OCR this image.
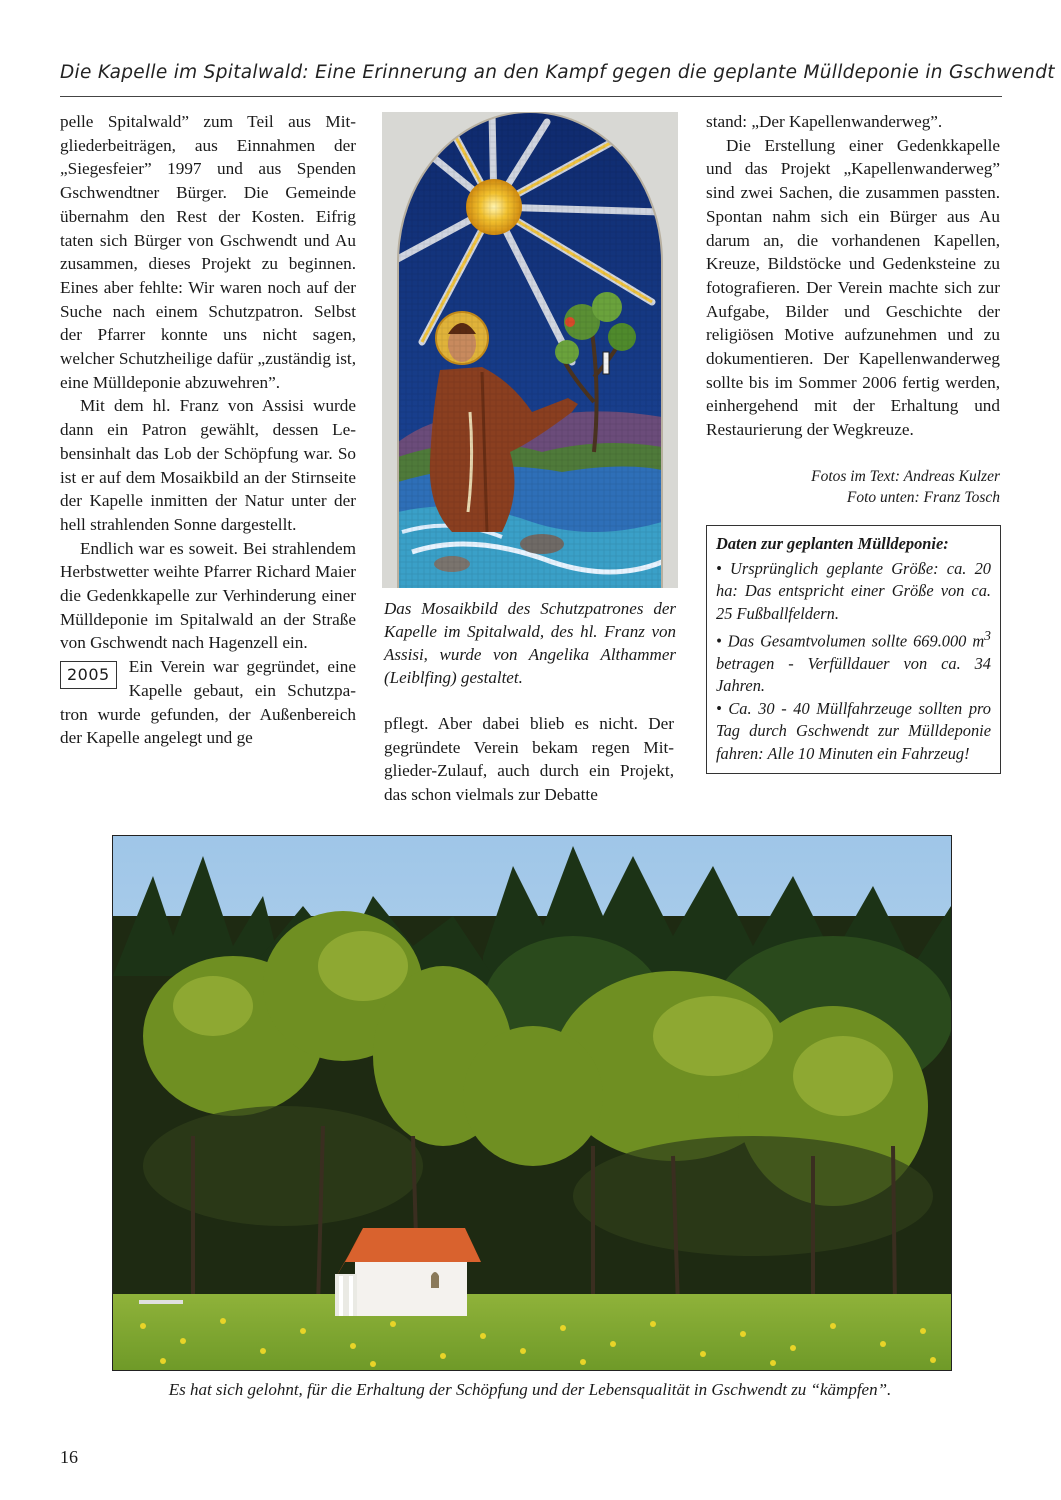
Die Kapelle im Spitalwald: Eine Erinnerung an den Kampf gegen die geplante Mülldeponie in Gschwendt

pelle Spitalwald” zum Teil aus Mitgliederbeiträgen, aus Einnahmen der „Siegesfeier” 1997 und aus Spenden Gschwendtner Bürger. Die Gemeinde übernahm den Rest der Kosten. Eifrig taten sich Bürger von Gschwendt und Au zusammen, dieses Projekt zu beginnen. Eines aber fehlte: Wir waren noch auf der Suche nach einem Schutzpatron. Selbst der Pfarrer konnte uns nicht sagen, welcher Schutzheilige dafür „zuständig ist, eine Mülldeponie abzuwehren”.

Mit dem hl. Franz von Assisi wurde dann ein Patron gewählt, dessen Lebensinhalt das Lob der Schöpfung war. So ist er auf dem Mosaikbild an der Stirnseite der Kapelle inmitten der Natur unter der hell strahlenden Sonne dargestellt.

Endlich war es soweit. Bei strahlendem Herbstwetter weihte Pfarrer Richard Maier die Gedenkkapelle zur Verhinderung einer Mülldeponie im Spitalwald an der Straße von Gschwendt nach Hagenzell ein.

2005	Ein Verein war gegründet, eine Kapelle gebaut, ein Schutzpatron wurde gefunden, der Außenbereich der Kapelle angelegt und ge

Das Mosaikbild des Schutzpatrones der Kapelle im Spitalwald, des hl. Franz von Assisi, wurde von Angelika Althammer (Leiblfing) gestaltet.

pflegt. Aber dabei blieb es nicht. Der gegründete Verein bekam regen Mitglieder-Zulauf, auch durch ein Projekt, das schon vielmals zur Debatte

stand: „Der Kapellenwanderweg”.

Die Erstellung einer Gedenkkapelle und das Projekt „Kapellenwanderweg” sind zwei Sachen, die zusammen passten. Spontan nahm sich ein Bürger aus Au darum an, die vorhandenen Kapellen, Kreuze, Bildstöcke und Gedenksteine zu fotografieren. Der Verein machte sich zur Aufgabe, Bilder und Geschichte der religiösen Motive aufzunehmen und zu dokumentieren. Der Kapellenwanderweg sollte bis im Sommer 2006 fertig werden, einhergehend mit der Erhaltung und Restaurierung der Wegkreuze.

Fotos im Text: Andreas Kulzer
Foto unten: Franz Tosch
Daten zur geplanten Mülldeponie:

• Ursprünglich geplante Größe: ca. 20 ha: Das entspricht einer Größe von ca. 25 Fußballfeldern.

• Das Gesamtvolumen sollte 669.000 $m^3$ betragen - Verfülldauer von ca. 34 Jahren.

• Ca. 30 - 40 Müllfahrzeuge sollten pro Tag durch Gschwendt zur Mülldeponie fahren: Alle 10 Minuten ein Fahrzeug!

Es hat sich gelohnt, für die Erhaltung der Schöpfung und der Lebensqualität in Gschwendt zu “kämpfen”.
16
